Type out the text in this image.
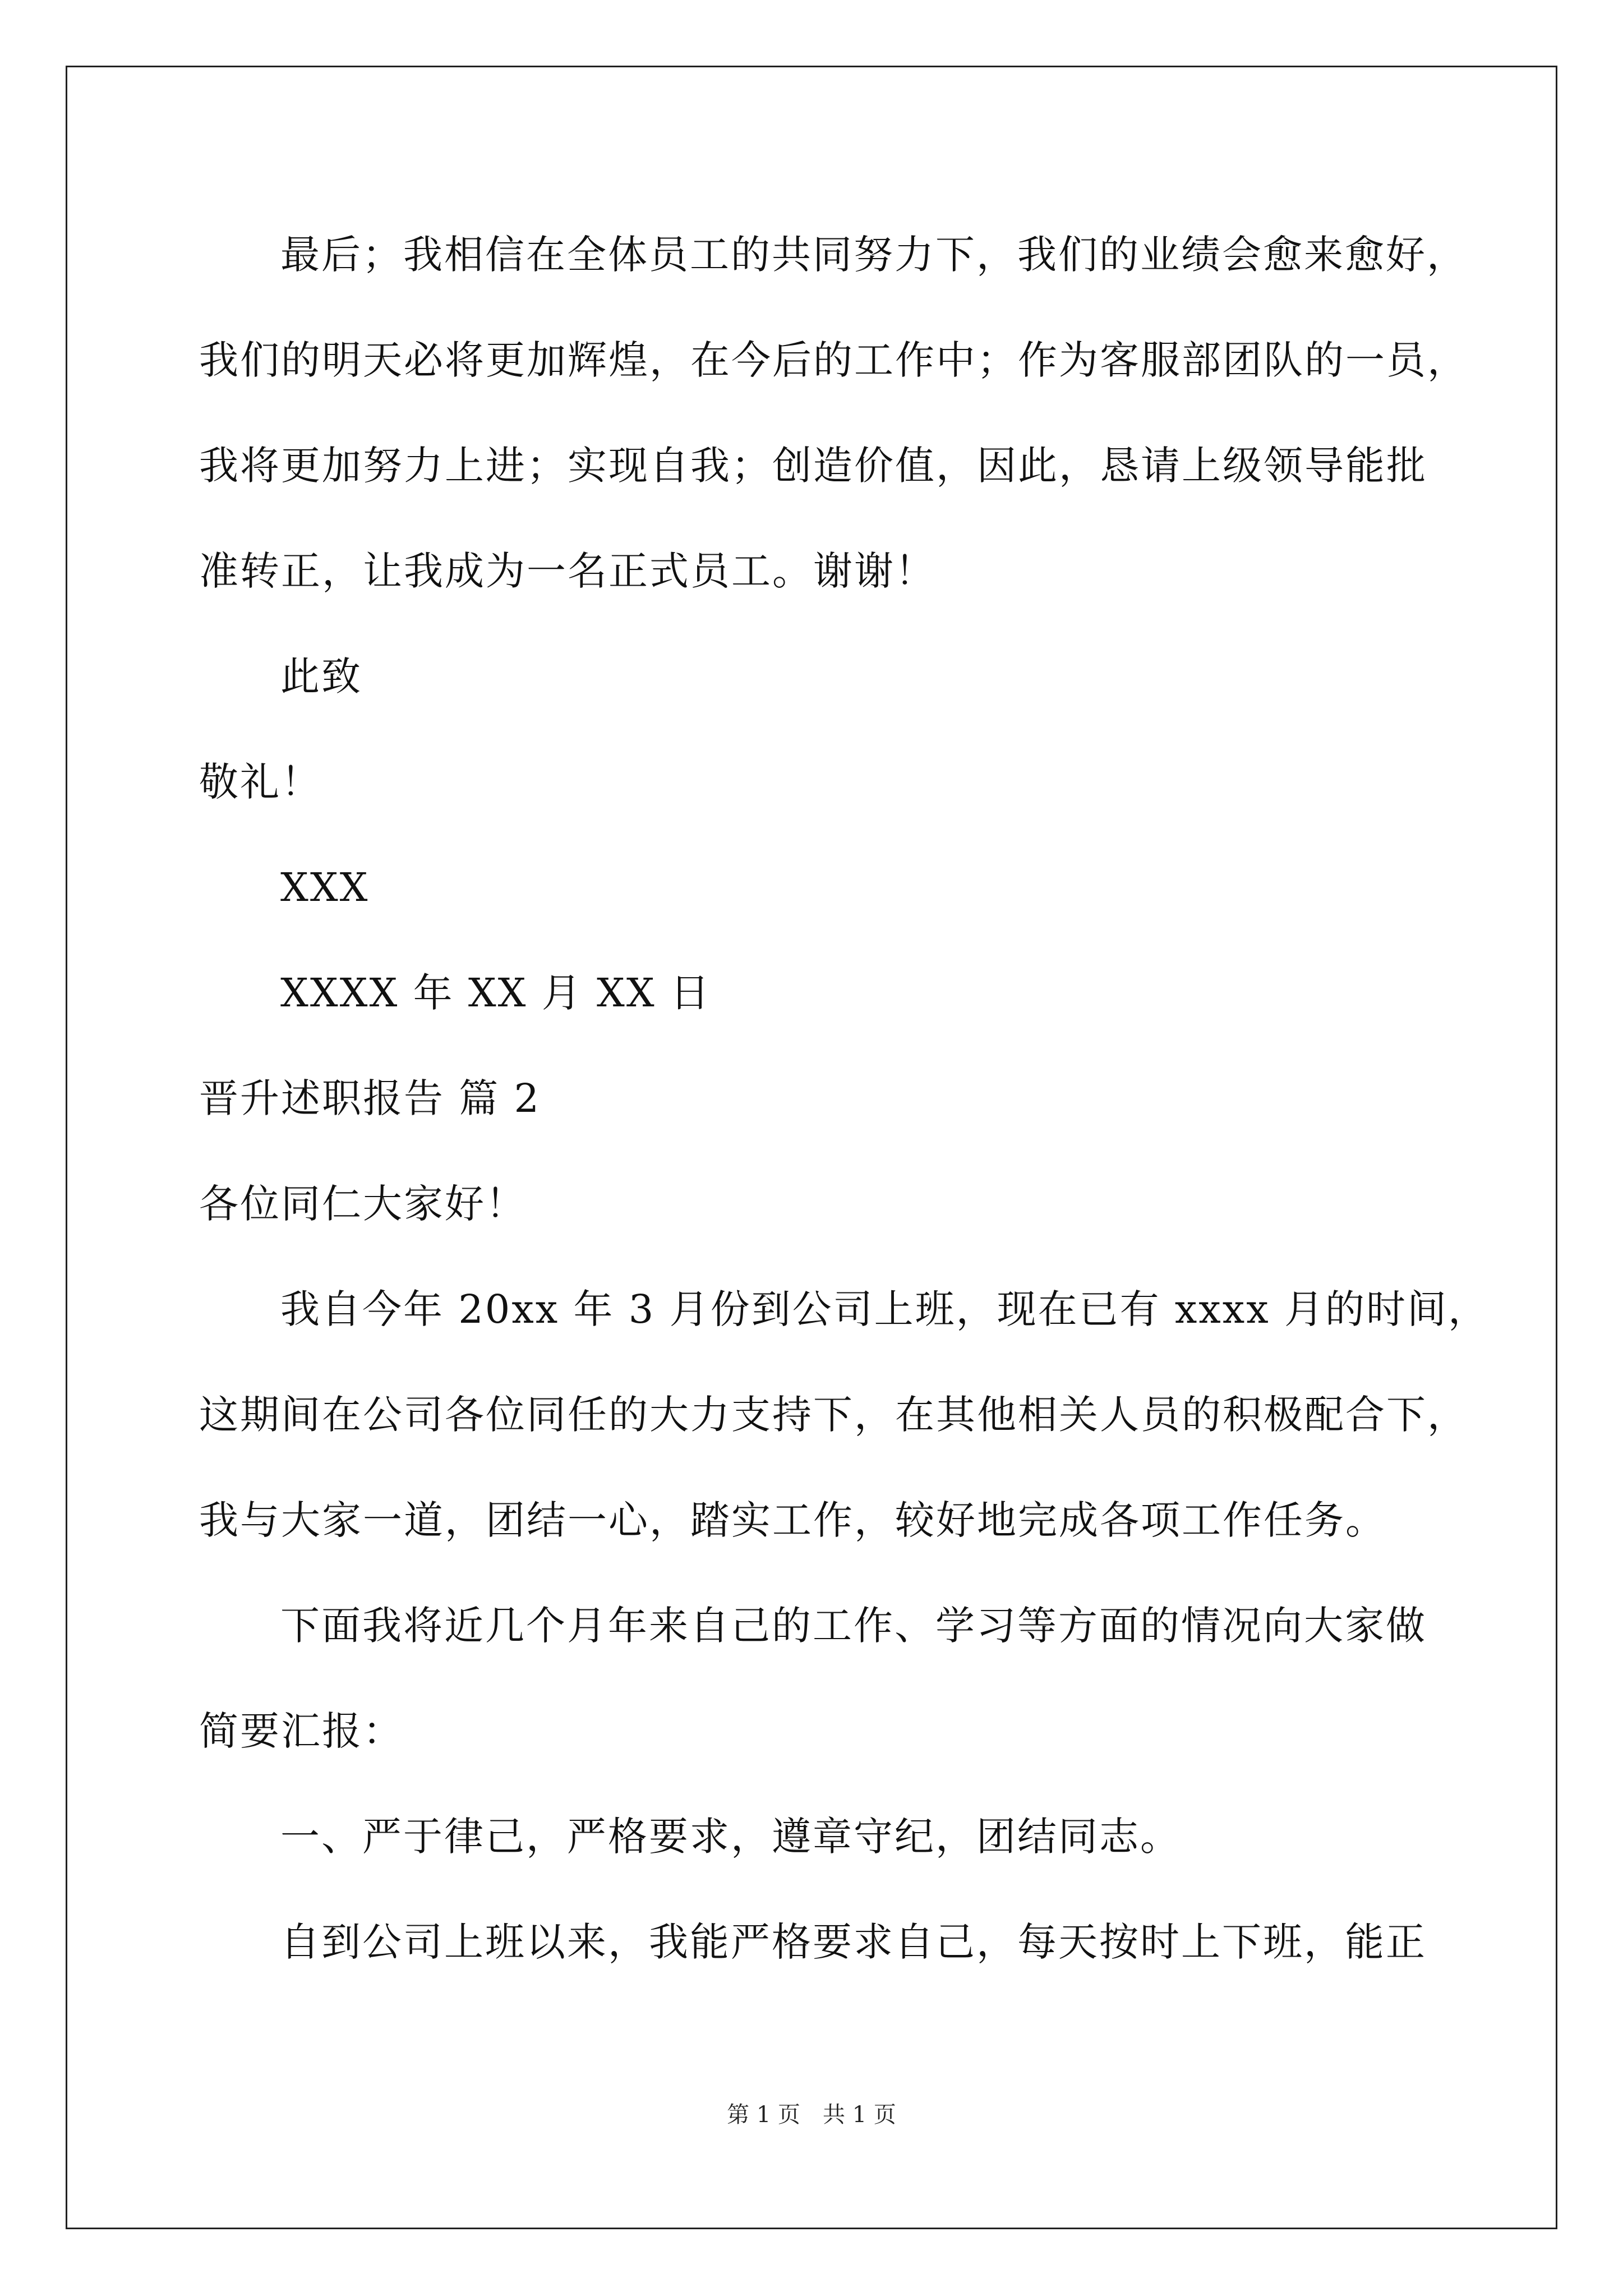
最后；我相信在全体员工的共同努力下，我们的业绩会愈来愈好，
我们的明天必将更加辉煌，在今后的工作中；作为客服部团队的一员，
我将更加努力上进；实现自我；创造价值，因此，恳请上级领导能批
准转正，让我成为一名正式员工。谢谢！
此致
敬礼！
XXX
XXXX 年 XX 月 XX 日
晋升述职报告 篇 2
各位同仁大家好！
我自今年 20xx 年 3 月份到公司上班，现在已有 xxxx 月的时间，
这期间在公司各位同任的大力支持下，在其他相关人员的积极配合下，
我与大家一道，团结一心，踏实工作，较好地完成各项工作任务。
下面我将近几个月年来自己的工作、学习等方面的情况向大家做
简要汇报：
一、严于律己，严格要求，遵章守纪，团结同志。
自到公司上班以来，我能严格要求自己，每天按时上下班，能正
第 1 页　共 1 页
